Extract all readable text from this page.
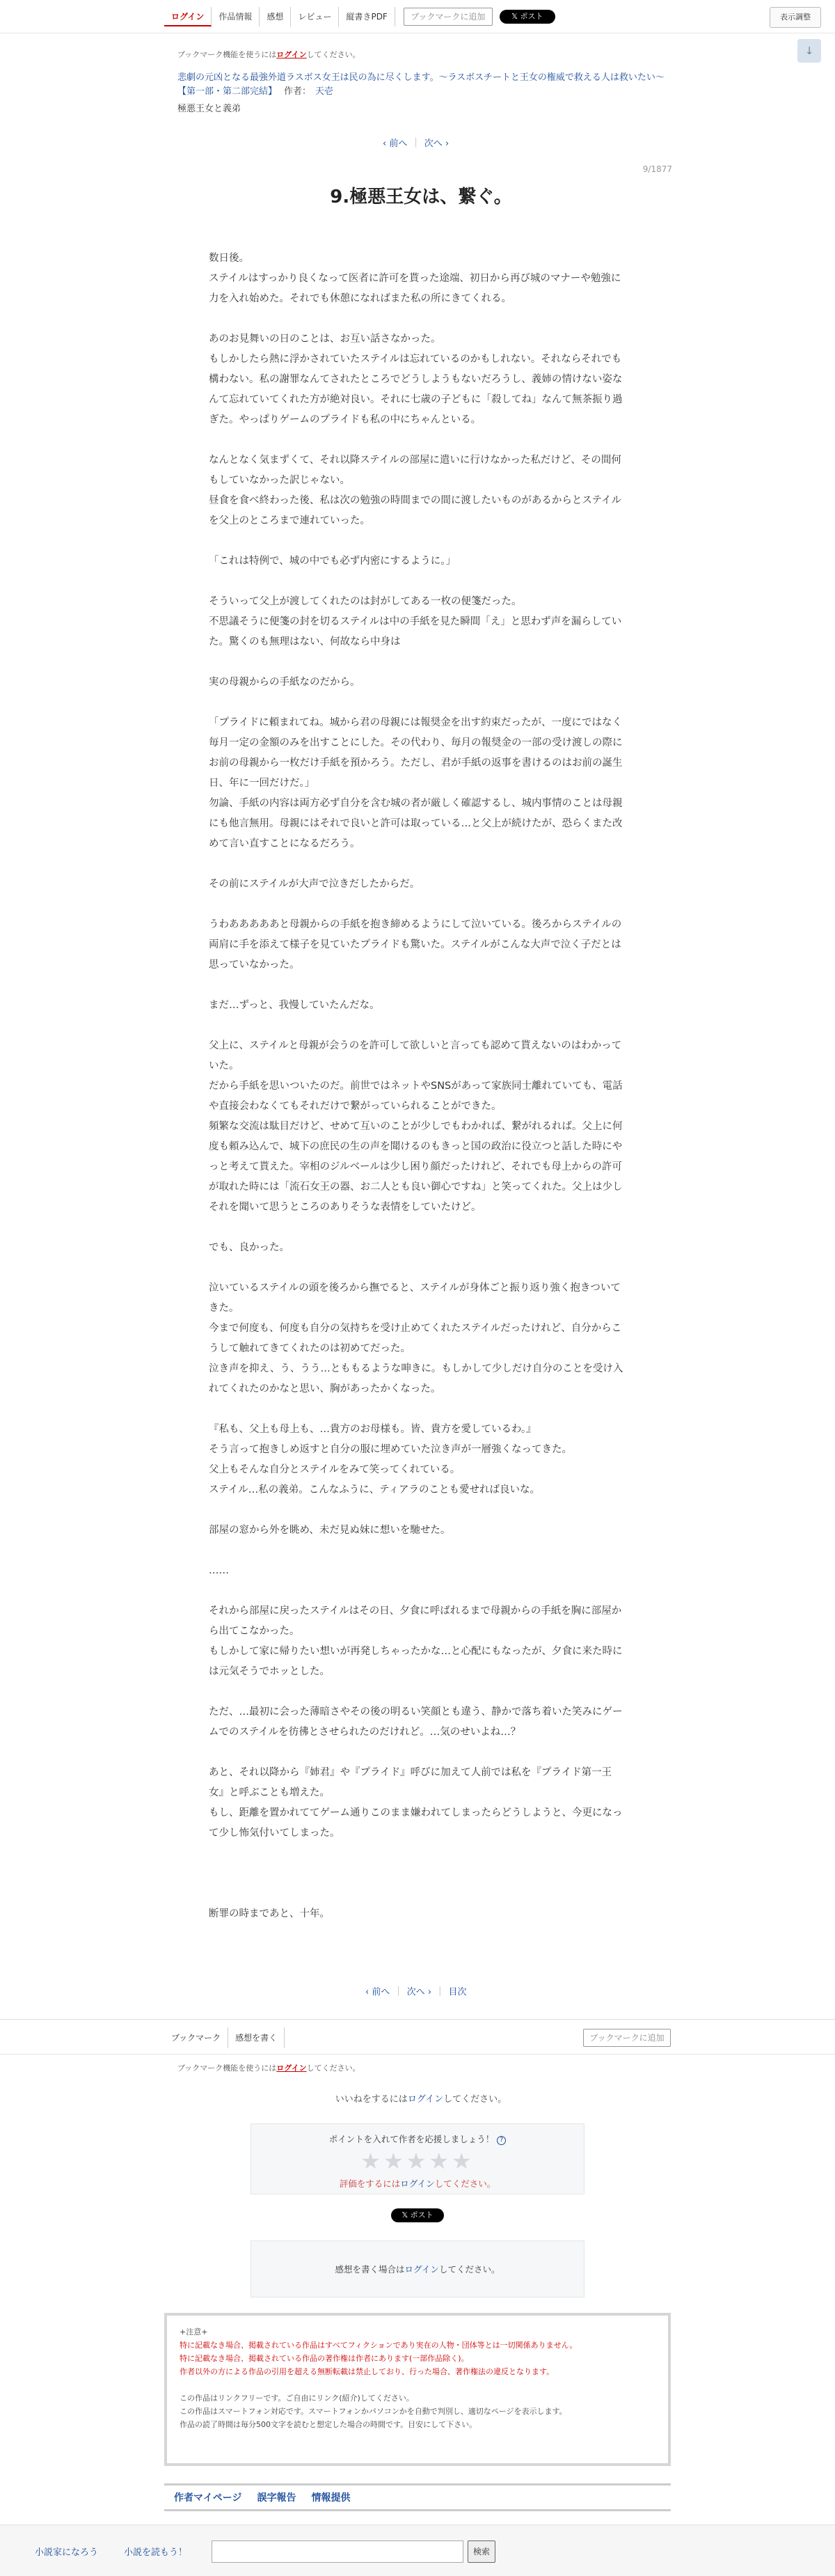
ログイン	作品情報	感想	レビュー	縦書きPDF	ブックマークに追加	𝕏 ポスト	表示調整
↓
ブックマーク機能を使うにはログインしてください。
悲劇の元凶となる最強外道ラスボス女王は民の為に尽くします。〜ラスボスチートと王女の権威で救える人は救いたい〜【第一部・第二部完結】 作者： 天壱
極悪王女と義弟
‹ 前へ | 次へ ›
9/1877
9.極悪王女は、繋ぐ。
数日後。
ステイルはすっかり良くなって医者に許可を貰った途端、初日から再び城のマナーや勉強に力を入れ始めた。それでも休憩になればまた私の所にきてくれる。
あのお見舞いの日のことは、お互い話さなかった。
もしかしたら熱に浮かされていたステイルは忘れているのかもしれない。それならそれでも構わない。私の謝罪なんてされたところでどうしようもないだろうし、義姉の情けない姿なんて忘れていてくれた方が絶対良い。それに七歳の子どもに「殺してね」なんて無茶振り過ぎた。やっぱりゲームのプライドも私の中にちゃんといる。
なんとなく気まずくて、それ以降ステイルの部屋に遣いに行けなかった私だけど、その間何もしていなかった訳じゃない。
昼食を食べ終わった後、私は次の勉強の時間までの間に渡したいものがあるからとステイルを父上のところまで連れていった。
「これは特例で、城の中でも必ず内密にするように。」
そういって父上が渡してくれたのは封がしてある一枚の便箋だった。
不思議そうに便箋の封を切るステイルは中の手紙を見た瞬間「え」と思わず声を漏らしていた。驚くのも無理はない、何故なら中身は
実の母親からの手紙なのだから。
「プライドに頼まれてね。城から君の母親には報奨金を出す約束だったが、一度にではなく毎月一定の金額のみを出すことにした。その代わり、毎月の報奨金の一部の受け渡しの際にお前の母親から一枚だけ手紙を預かろう。ただし、君が手紙の返事を書けるのはお前の誕生日、年に一回だけだ。」
勿論、手紙の内容は両方必ず自分を含む城の者が厳しく確認するし、城内事情のことは母親にも他言無用。母親にはそれで良いと許可は取っている…と父上が続けたが、恐らくまた改めて言い直すことになるだろう。
その前にステイルが大声で泣きだしたからだ。
うわあああああと母親からの手紙を抱き締めるようにして泣いている。後ろからステイルの両肩に手を添えて様子を見ていたプライドも驚いた。ステイルがこんな大声で泣く子だとは思っていなかった。
まだ…ずっと、我慢していたんだな。
父上に、ステイルと母親が会うのを許可して欲しいと言っても認めて貰えないのはわかっていた。
だから手紙を思いついたのだ。前世ではネットやSNSがあって家族同士離れていても、電話や直接会わなくてもそれだけで繋がっていられることができた。
頻繁な交流は駄目だけど、せめて互いのことが少しでもわかれば、繋がれるれば。父上に何度も頼み込んで、城下の庶民の生の声を聞けるのもきっと国の政治に役立つと話した時にやっと考えて貰えた。宰相のジルベールは少し困り顔だったけれど、それでも母上からの許可が取れた時には「流石女王の器、お二人とも良い御心ですね」と笑ってくれた。父上は少しそれを聞いて思うところのありそうな表情をしていたけど。
でも、良かった。
泣いているステイルの頭を後ろから撫でると、ステイルが身体ごと振り返り強く抱きついてきた。
今まで何度も、何度も自分の気持ちを受け止めてくれたステイルだったけれど、自分からこうして触れてきてくれたのは初めてだった。
泣き声を抑え、う、うう…とももるような呻きに。もしかして少しだけ自分のことを受け入れてくれたのかなと思い、胸があったかくなった。
『私も、父上も母上も、…貴方のお母様も。皆、貴方を愛しているわ。』
そう言って抱きしめ返すと自分の服に埋めていた泣き声が一層強くなってきた。
父上もそんな自分とステイルをみて笑ってくれている。
ステイル…私の義弟。こんなふうに、ティアラのことも愛せれば良いな。
部屋の窓から外を眺め、未だ見ぬ妹に想いを馳せた。
……
それから部屋に戻ったステイルはその日、夕食に呼ばれるまで母親からの手紙を胸に部屋から出てこなかった。
もしかして家に帰りたい想いが再発しちゃったかな…と心配にもなったが、夕食に来た時には元気そうでホッとした。
ただ、…最初に会った薄暗さやその後の明るい笑顔とも違う、静かで落ち着いた笑みにゲームでのステイルを彷彿とさせられたのだけれど。…気のせいよね…？
あと、それ以降から『姉君』や『プライド』呼びに加えて人前では私を『プライド第一王女』と呼ぶことも増えた。
もし、距離を置かれててゲーム通りこのまま嫌われてしまったらどうしようと、今更になって少し怖気付いてしまった。

断罪の時まであと、十年。
‹ 前へ | 次へ › | 目次
ブックマーク	感想を書く	ブックマークに追加
ブックマーク機能を使うにはログインしてください。
いいねをするにはログインしてください。
ポイントを入れて作者を応援しましょう！ ?
★★★★★
評価をするにはログインしてください。
𝕏 ポスト
感想を書く場合はログインしてください。
+注意+
特に記載なき場合、掲載されている作品はすべてフィクションであり実在の人物・団体等とは一切関係ありません。
特に記載なき場合、掲載されている作品の著作権は作者にあります(一部作品除く)。
作者以外の方による作品の引用を超える無断転載は禁止しており、行った場合、著作権法の違反となります。
この作品はリンクフリーです。ご自由にリンク(紹介)してください。
この作品はスマートフォン対応です。スマートフォンかパソコンかを自動で判別し、適切なページを表示します。
作品の読了時間は毎分500文字を読むと想定した場合の時間です。目安にして下さい。
作者マイページ 誤字報告 情報提供
小説家になろう	小説を読もう！	検索
